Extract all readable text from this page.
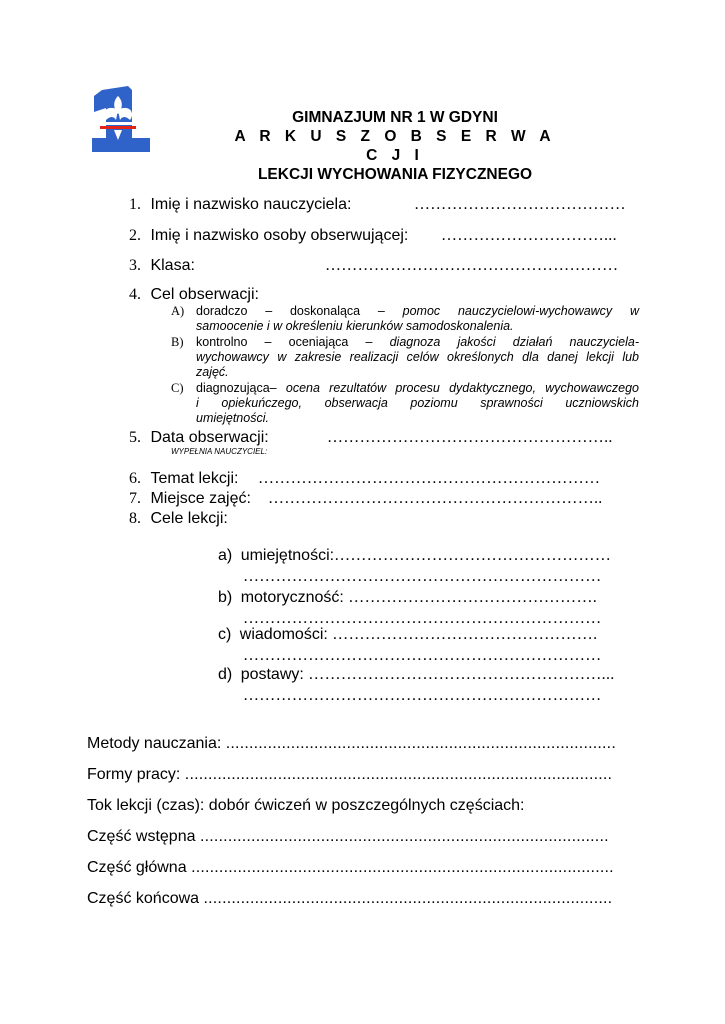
GIMNAZJUM NR 1 W GDYNI
A R K U S Z O B S E R W A C J I
LEKCJI WYCHOWANIA FIZYCZNEGO
1. Imię i nazwisko nauczyciela:	…………………………………
2. Imię i nazwisko osoby obserwującej: …………………………...
3. Klasa:	………………………………………………
4. Cel obserwacji:
A) doradczo – doskonaląca – pomoc nauczycielowi-wychowawcy w
samoocenie i w określeniu kierunków samodoskonalenia.
B) kontrolno – oceniająca – diagnoza jakości działań nauczyciela-
wychowawcy w zakresie realizacji celów określonych dla danej lekcji lub
zajęć.
C) diagnozująca– ocena rezultatów procesu dydaktycznego, wychowawczego
i opiekuńczego, obserwacja poziomu sprawności uczniowskich
umiejętności.
5. Data obserwacji:	……………………………………………..
WYPEŁNIA NAUCZYCIEL:
6. Temat lekcji: ………………………………………………………
7. Miejsce zajęć: ……………………………………………………..
8. Cele lekcji:
a) umiejętności:……………………………………………
…………………………………………………………
b) motoryczność: ……………………………………….
…………………………………………………………
c) wiadomości: ………………………………………….
…………………………………………………………
d) postawy: ………………………………………………...
…………………………………………………………
Metody nauczania: ....................................................................................
Formy pracy: ............................................................................................
Tok lekcji (czas): dobór ćwiczeń w poszczególnych częściach:
Część wstępna ........................................................................................
Część główna ...........................................................................................
Część końcowa ........................................................................................
